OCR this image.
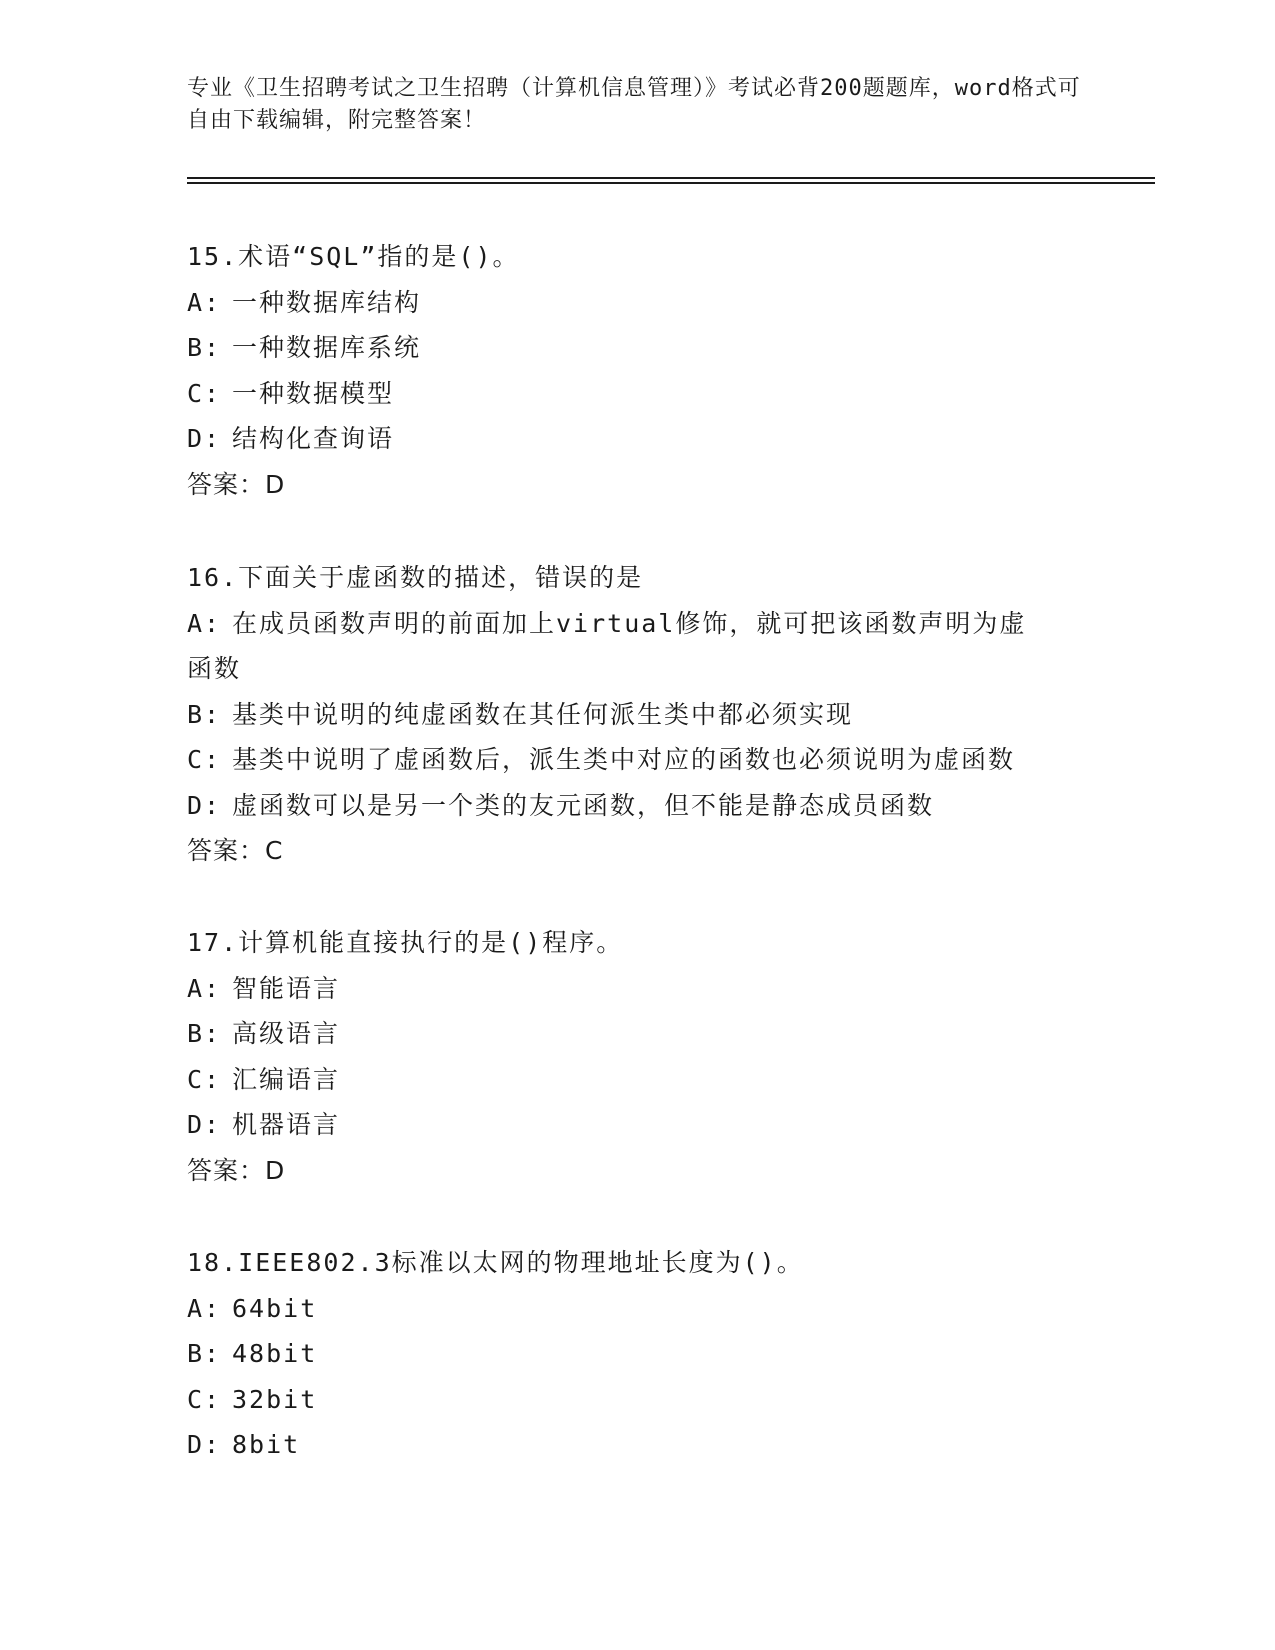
专业《卫生招聘考试之卫生招聘（计算机信息管理）》考试必背200题题库，word格式可自由下载编辑，附完整答案！
15.术语“SQL”指的是()。
A: 一种数据库结构
B: 一种数据库系统
C: 一种数据模型
D: 结构化查询语
答案：D
16.下面关于虚函数的描述，错误的是
A: 在成员函数声明的前面加上virtual修饰，就可把该函数声明为虚函数
B: 基类中说明的纯虚函数在其任何派生类中都必须实现
C: 基类中说明了虚函数后，派生类中对应的函数也必须说明为虚函数
D: 虚函数可以是另一个类的友元函数，但不能是静态成员函数
答案：C
17.计算机能直接执行的是()程序。
A: 智能语言
B: 高级语言
C: 汇编语言
D: 机器语言
答案：D
18.IEEE802.3标准以太网的物理地址长度为()。
A: 64bit
B: 48bit
C: 32bit
D: 8bit
